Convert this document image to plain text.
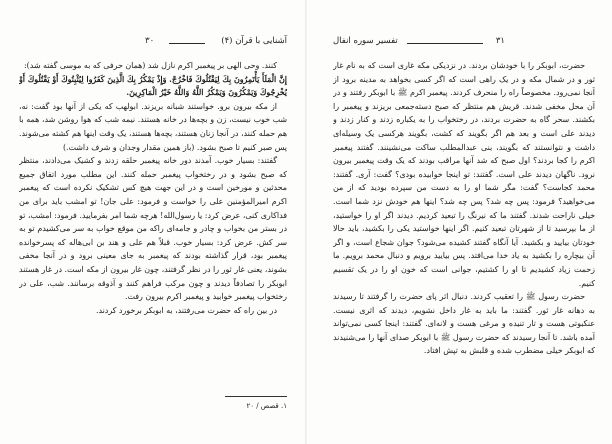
۳۰	آشنایی با قرآن (۴)

کنند. وحی الهی بر پیغمبر اکرم نازل شد (همان حرفی که به موسی گفته شد):

إِنَّ الْمَلَأَ يَأْتَمِرُونَ بِكَ لِيَقْتُلُوكَ فَاخْرُجْ. وَإِذْ يَمْكُرُ بِكَ الَّذِينَ كَفَرُوا لِيُثْبِتُوكَ أَوْ يَقْتُلُوكَ أَوْ يُخْرِجُوكَ وَيَمْكُرُونَ وَيَمْكُرُ اللَّهُ وَاللَّهُ خَيْرُ الْمَاكِرِينَ.

از مکه بیرون برو. خواستند شبانه بریزند. ابولهب که یکی از آنها بود گفت: نه، شب خوب نیست، زن و بچه‌ها در خانه هستند. نیمه شب که هوا روشن شد، همه با هم حمله کنند، در آنجا زنان هستند، بچه‌ها هستند، یک وقت اینها هم کشته می‌شوند. پس صبر کنیم تا صبح بشود. (باز همین مقدار وجدان و شرف داشت.)

گفتند: بسیار خوب. آمدند دور خانه پیغمبر حلقه زدند و کشیک می‌دادند، منتظر که صبح بشود و در رختخواب پیغمبر حمله کنند. این مطلب مورد اتفاق جمیع محدثین و مورخین است و در این جهت هیچ کس تشکیک نکرده است که پیغمبر اکرم امیرالمؤمنین علی را خواست و فرمود: علی جان! تو امشب باید برای من فداکاری کنی، عرض کرد: یا رسول‌الله! هرچه شما امر بفرمایید. فرمود: امشب، تو در بستر من بخواب و چادر و جامه‌ای راکه من موقع خواب به سر می‌کشیدم تو به سر کش. عرض کرد: بسیار خوب. قبلاً هم علی و هند بن ابی‌هاله که پسرخوانده پیغمبر بود، قرار گذاشته بودند که پیغمبر به جای معینی برود و در آنجا مخفی بشوند، یعنی غار ثور را در نظر گرفتند، چون غار بیرون از مکه است. در غار هستند ابوبکر را تصادفاً دیدند و چون مرکب فراهم کنند و آذوقه برسانند. شب، علی در رختخواب پیغمبر خوابید و پیغمبر اکرم بیرون رفت.

در بین راه که حضرت می‌رفتند، به ابوبکر برخورد کردند.

۱. قصص / ۲۰
تفسیر سوره انفال	۳۱

حضرت، ابوبکر را با خودشان بردند. در نزدیکی مکه غاری است که به نام غار ثور و در شمال مکه و در یک راهی است که اگر کسی بخواهد به مدینه برود از آنجا نمی‌رود. مخصوصاً راه را منحرف کردند. پیغمبر اکرم ﷺ با ابوبکر رفتند و در آن محل مخفی شدند. قریش هم منتظر که صبح دسته‌جمعی بریزند و پیغمبر را بکشند. سحر گاه به حضرت بردند، در رختخواب را به یکباره زدند و کنار زدند و دیدند علی است و بعد هم اگر بگویند که کشت، بگویند هرکسی یک وسیله‌ای داشت و نتوانستند که بگویند، بنی عبدالمطلب ساکت می‌نشینند. گفتند پیغمبر اکرم را کجا بردند؟ اول صبح که شد آنها مراقب بودند که یک وقت پیغمبر بیرون نرود. ناگهان دیدند علی است. گفتند: تو اینجا خوابیده بودی؟ گفت: آری. گفتند: محمد کجاست؟ گفت: مگر شما او را به دست من سپرده بودید که از من می‌خواهید؟ فرمود: پس چه شد؟ پس چه شد؟ اینها هم خودش نزد شما است. خیلی ناراحت شدند. گفتند ما که نیرنگ را تبعید کردیم. دیدند اگر او را خواستید، از ما بپرسید تا از شهرتان تبعید کنیم. اگر اینها خواستید یکی را بکشید، باید حالا خودتان بیایید و بکشید. آیا آنگاه گفتند کشیده می‌شود؟ جوان شجاع است، و اگر آن بیچاره را بکشید به یاد خدا می‌افتد. پس بیایید برویم و دنبال محمد برویم. ما زحمت زیاد کشیدیم تا او را کشتیم، جوانی است که خون او را در یک تقسیم کنیم.

حضرت رسول ﷺ را تعقیب کردند. دنبال اثر پای حضرت را گرفتند تا رسیدند به دهانه غار ثور. گفتند: ما باید به غار داخل نشویم، دیدند که اثری نیست. عنکبوتی هست و تار تنیده و مرغی هست و لانه‌ای. گفتند: اینجا کسی نمی‌تواند آمده باشد. تا آنجا رسیدند که حضرت رسول ﷺ با ابوبکر صدای آنها را می‌شنیدند که ابوبکر خیلی مضطرب شده و قلبش به تپش افتاد.
